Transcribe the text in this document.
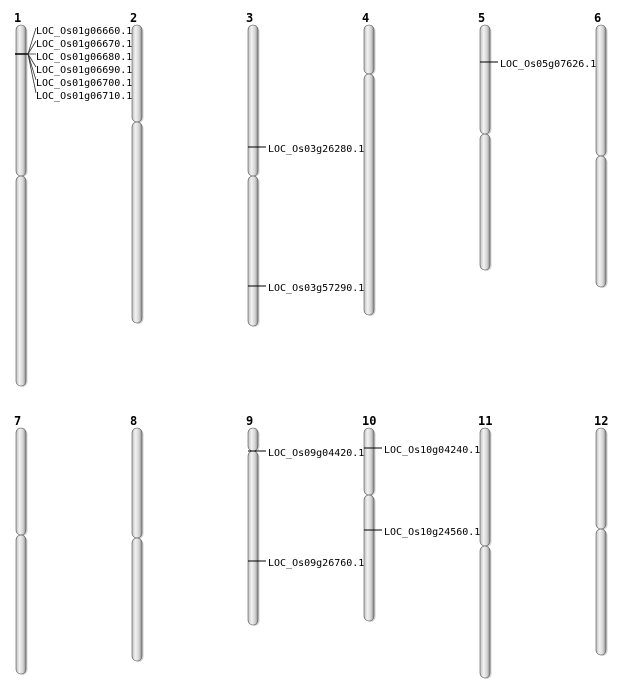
1
LOC_Os01g06660.1
LOC_Os01g06670.1
LOC_Os01g06680.1
LOC_Os01g06690.1
LOC_Os01g06700.1
LOC_Os01g06710.1
2	3
LOC_Os03g26280.1
LOC_Os03g57290.1
4	5
LOC_Os05g07626.1
6
7	8	9
LOC_Os09g04420.1
LOC_Os09g26760.1
10
LOC_Os10g04240.1
LOC_Os10g24560.1
11	12
